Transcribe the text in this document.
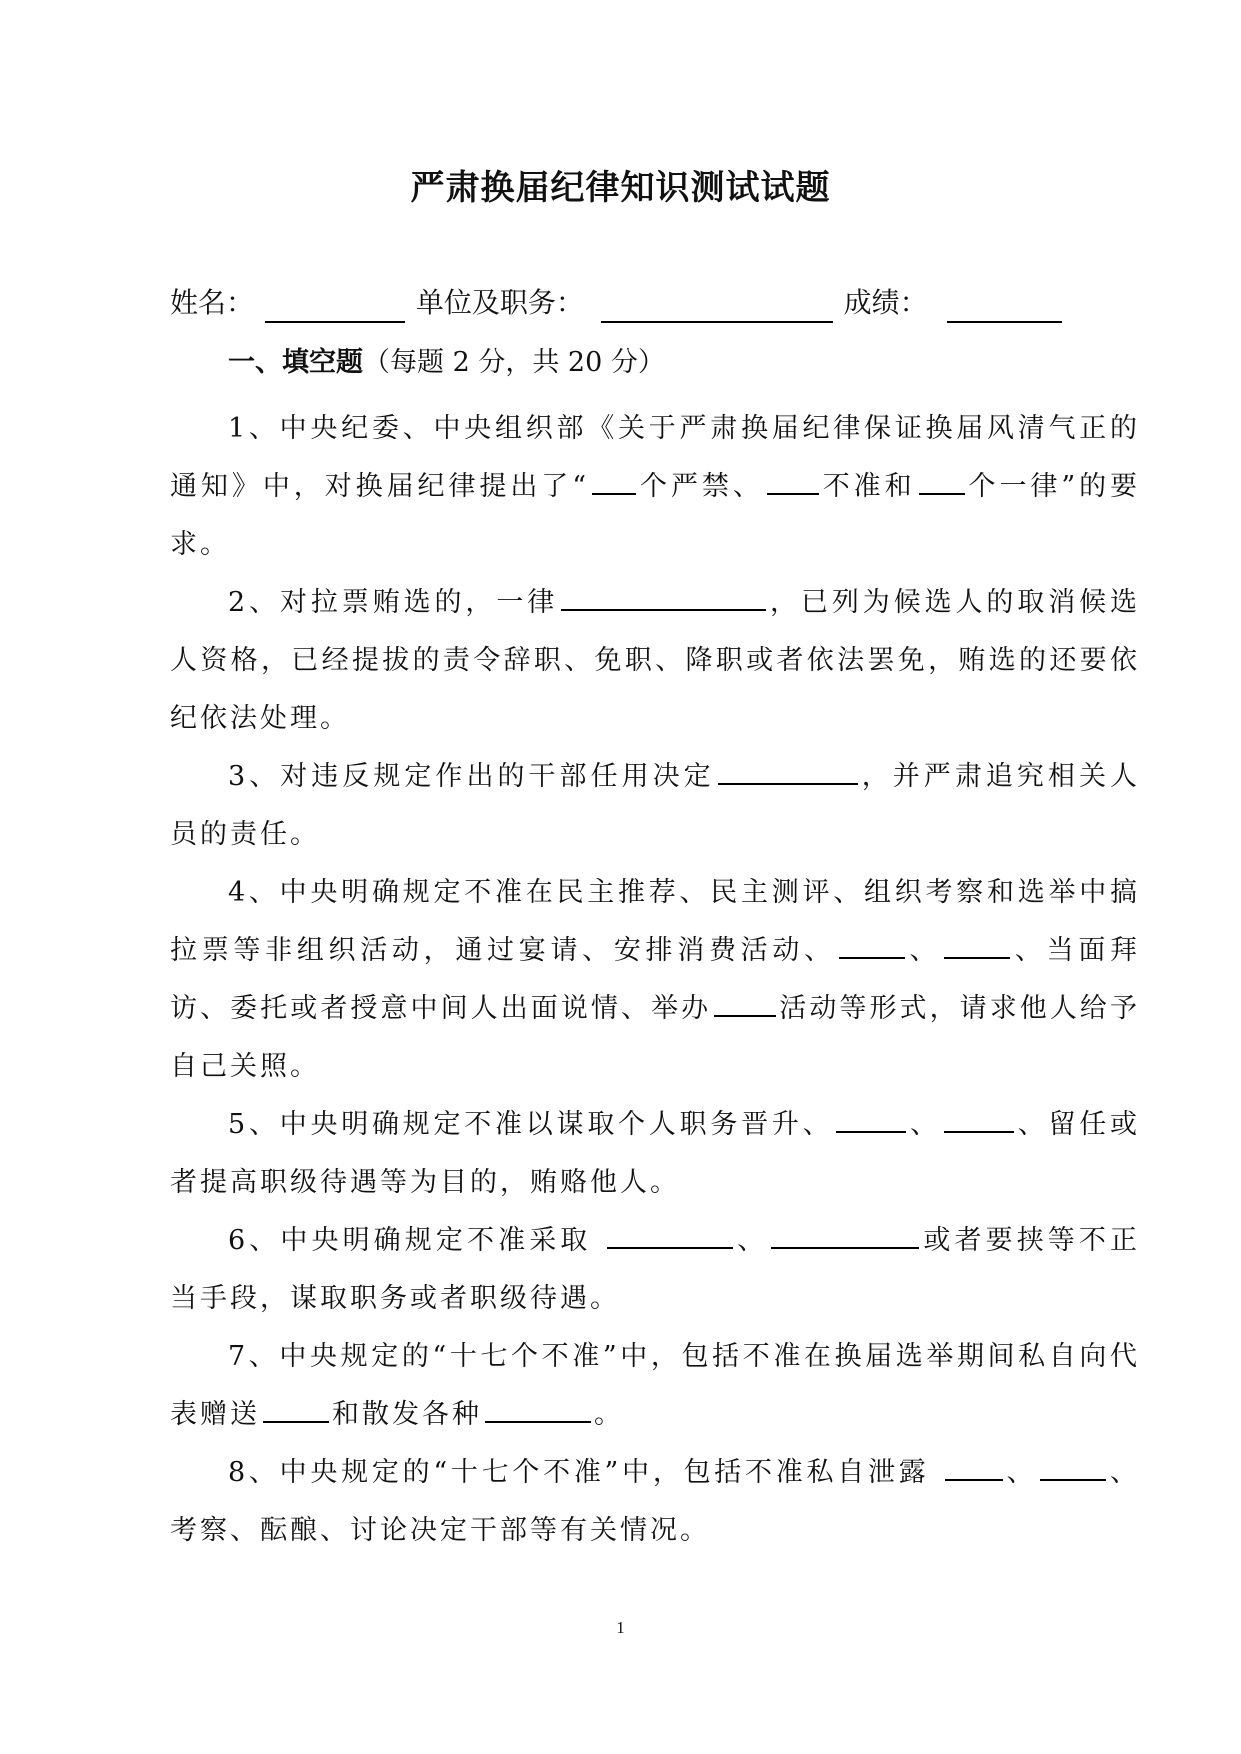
严肃换届纪律知识测试试题
姓名：	单位及职务：	成绩：
一、填空题（每题 2 分，共 20 分）

1、中央纪委、中央组织部《关于严肃换届纪律保证换届风清气正的通知》中，对换届纪律提出了“ 个严禁、 不准和 个一律”的要求。

2、对拉票贿选的，一律	，已列为候选人的取消候选人资格，已经提拔的责令辞职、免职、降职或者依法罢免，贿选的还要依纪依法处理。

3、对违反规定作出的干部任用决定	，并严肃追究相关人员的责任。

4、中央明确规定不准在民主推荐、民主测评、组织考察和选举中搞拉票等非组织活动，通过宴请、安排消费活动、	、	、当面拜访、委托或者授意中间人出面说情、举办	活动等形式，请求他人给予自己关照。

5、中央明确规定不准以谋取个人职务晋升、	、	、留任或者提高职级待遇等为目的，贿赂他人。

6、中央明确规定不准采取	、	或者要挟等不正当手段，谋取职务或者职级待遇。

7、中央规定的“十七个不准”中，包括不准在换届选举期间私自向代表赠送	和散发各种	。

8、中央规定的“十七个不准”中，包括不准私自泄露 、	、考察、酝酿、讨论决定干部等有关情况。

1
